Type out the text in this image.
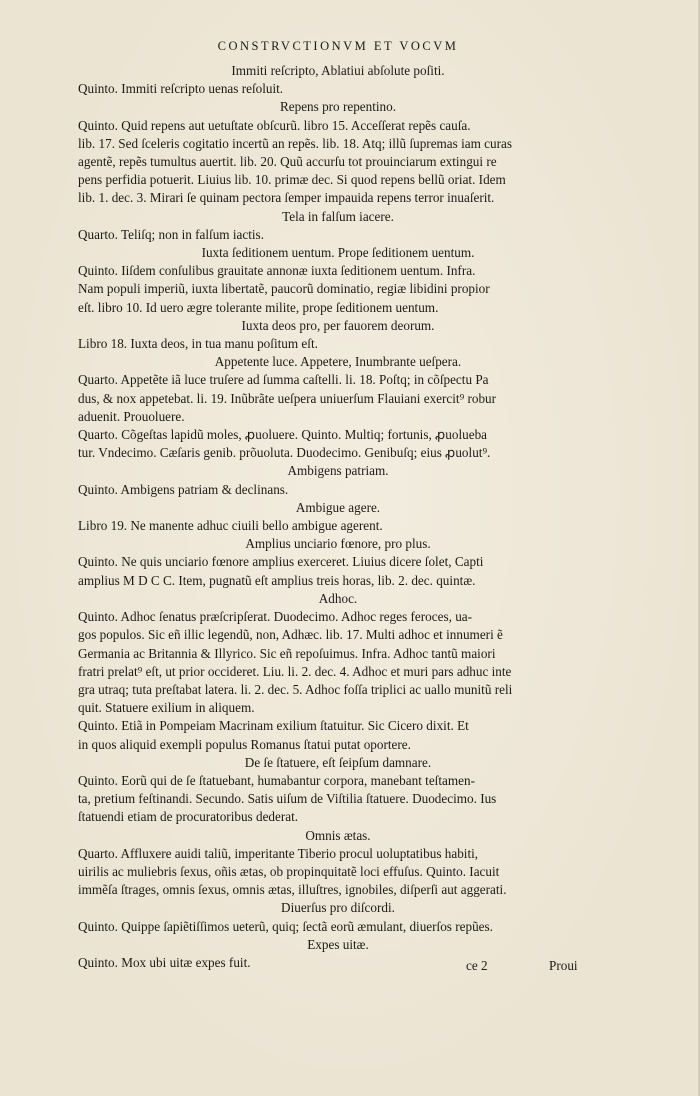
CONSTRVCTIONVM ET VOCVM
Immiti reſcripto, Ablatiui abſolute poſiti.
Quinto. Immiti reſcripto uenas reſoluit.
Repens pro repentino.
Quinto. Quid repens aut uetuſtate obſcurũ. libro 15. Acceſſerat repẽs cauſa.
lib. 17. Sed ſceleris cogitatio incertũ an repẽs. lib. 18. Atq; illũ ſupremas iam curas
agentẽ, repẽs tumultus auertit. lib. 20. Quũ accurſu tot prouinciarum extingui re
pens perfidia potuerit. Liuius lib. 10. primæ dec. Si quod repens bellũ oriat. Idem
lib. 1. dec. 3. Mirari ſe quinam pectora ſemper impauida repens terror inuaſerit.
Tela in falſum iacere.
Quarto. Teliſq; non in falſum iactis.
Iuxta ſeditionem uentum. Prope ſeditionem uentum.
Quinto. Iiſdem conſulibus grauitate annonæ iuxta ſeditionem uentum. Infra.
Nam populi imperiũ, iuxta libertatẽ, paucorũ dominatio, regiæ libidini propior
eſt. libro 10. Id uero ægre tolerante milite, prope ſeditionem uentum.
Iuxta deos pro, per fauorem deorum.
Libro 18. Iuxta deos, in tua manu poſitum eſt.
Appetente luce. Appetere, Inumbrante ueſpera.
Quarto. Appetẽte iã luce truſere ad ſumma caſtelli. li. 18. Poſtq; in cõſpectu Pa
dus, & nox appetebat. li. 19. Inũbrãte ueſpera uniuerſum Flauiani exercit⁹ robur
aduenit. Prouoluere.
Quarto. Cõgeſtas lapidũ moles, ꝓuoluere. Quinto. Multiq; fortunis, ꝓuolueba
tur. Vndecimo. Cæſaris genib. prõuoluta. Duodecimo. Genibuſq; eius ꝓuolut⁹.
Ambigens patriam.
Quinto. Ambigens patriam & declinans.
Ambigue agere.
Libro 19. Ne manente adhuc ciuili bello ambigue agerent.
Amplius unciario fœnore, pro plus.
Quinto. Ne quis unciario fœnore amplius exerceret. Liuius dicere ſolet, Capti
amplius M D C C. Item, pugnatũ eſt amplius treis horas, lib. 2. dec. quintæ.
Adhoc.
Quinto. Adhoc ſenatus præſcripſerat. Duodecimo. Adhoc reges feroces, ua-
gos populos. Sic eñ illic legendũ, non, Adhæc. lib. 17. Multi adhoc et innumeri ẽ
Germania ac Britannia & Illyrico. Sic eñ repoſuimus. Infra. Adhoc tantũ maiori
fratri prelat⁹ eſt, ut prior occideret. Liu. li. 2. dec. 4. Adhoc et muri pars adhuc inte
gra utraq; tuta preſtabat latera. li. 2. dec. 5. Adhoc foſſa triplici ac uallo munitũ reli
quit. Statuere exilium in aliquem.
Quinto. Etiã in Pompeiam Macrinam exilium ſtatuitur. Sic Cicero dixit. Et
in quos aliquid exempli populus Romanus ſtatui putat oportere.
De ſe ſtatuere, eſt ſeipſum damnare.
Quinto. Eorũ qui de ſe ſtatuebant, humabantur corpora, manebant teſtamen-
ta, pretium feſtinandi. Secundo. Satis uiſum de Viſtilia ſtatuere. Duodecimo. Ius
ſtatuendi etiam de procuratoribus dederat.
Omnis ætas.
Quarto. Affluxere auidi taliũ, imperitante Tiberio procul uoluptatibus habiti,
uirilis ac muliebris ſexus, oñis ætas, ob propinquitatẽ loci effuſus. Quinto. Iacuit
immẽſa ſtrages, omnis ſexus, omnis ætas, illuſtres, ignobiles, diſperſi aut aggerati.
Diuerſus pro diſcordi.
Quinto. Quippe ſapiẽtiſſimos ueterũ, quiq; ſectã eorũ æmulant, diuerſos repũes.
Expes uitæ.
Quinto. Mox ubi uitæ expes fuit.	ce 2	Proui
